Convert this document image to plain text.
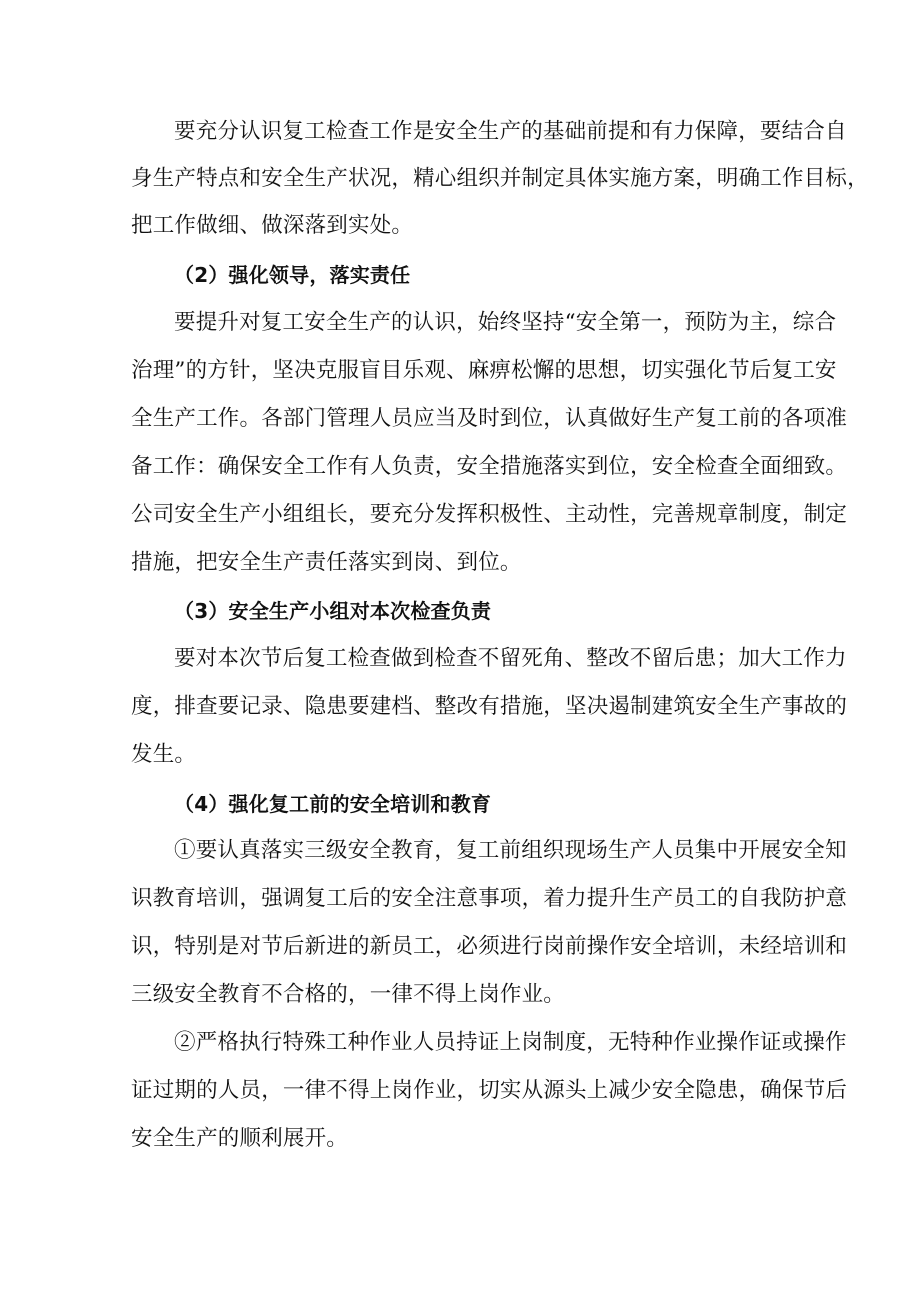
要充分认识复工检查工作是安全生产的基础前提和有力保障，要结合自
身生产特点和安全生产状况，精心组织并制定具体实施方案，明确工作目标，
把工作做细、做深落到实处。
（2）强化领导，落实责任
要提升对复工安全生产的认识，始终坚持“安全第一，预防为主，综合
治理”的方针，坚决克服盲目乐观、麻痹松懈的思想，切实强化节后复工安
全生产工作。各部门管理人员应当及时到位，认真做好生产复工前的各项准
备工作：确保安全工作有人负责，安全措施落实到位，安全检查全面细致。
公司安全生产小组组长，要充分发挥积极性、主动性，完善规章制度，制定
措施，把安全生产责任落实到岗、到位。
（3）安全生产小组对本次检查负责
要对本次节后复工检查做到检查不留死角、整改不留后患；加大工作力
度，排查要记录、隐患要建档、整改有措施，坚决遏制建筑安全生产事故的
发生。
（4）强化复工前的安全培训和教育
①要认真落实三级安全教育，复工前组织现场生产人员集中开展安全知
识教育培训，强调复工后的安全注意事项，着力提升生产员工的自我防护意
识，特别是对节后新进的新员工，必须进行岗前操作安全培训，未经培训和
三级安全教育不合格的，一律不得上岗作业。
②严格执行特殊工种作业人员持证上岗制度，无特种作业操作证或操作
证过期的人员，一律不得上岗作业，切实从源头上减少安全隐患，确保节后
安全生产的顺利展开。
